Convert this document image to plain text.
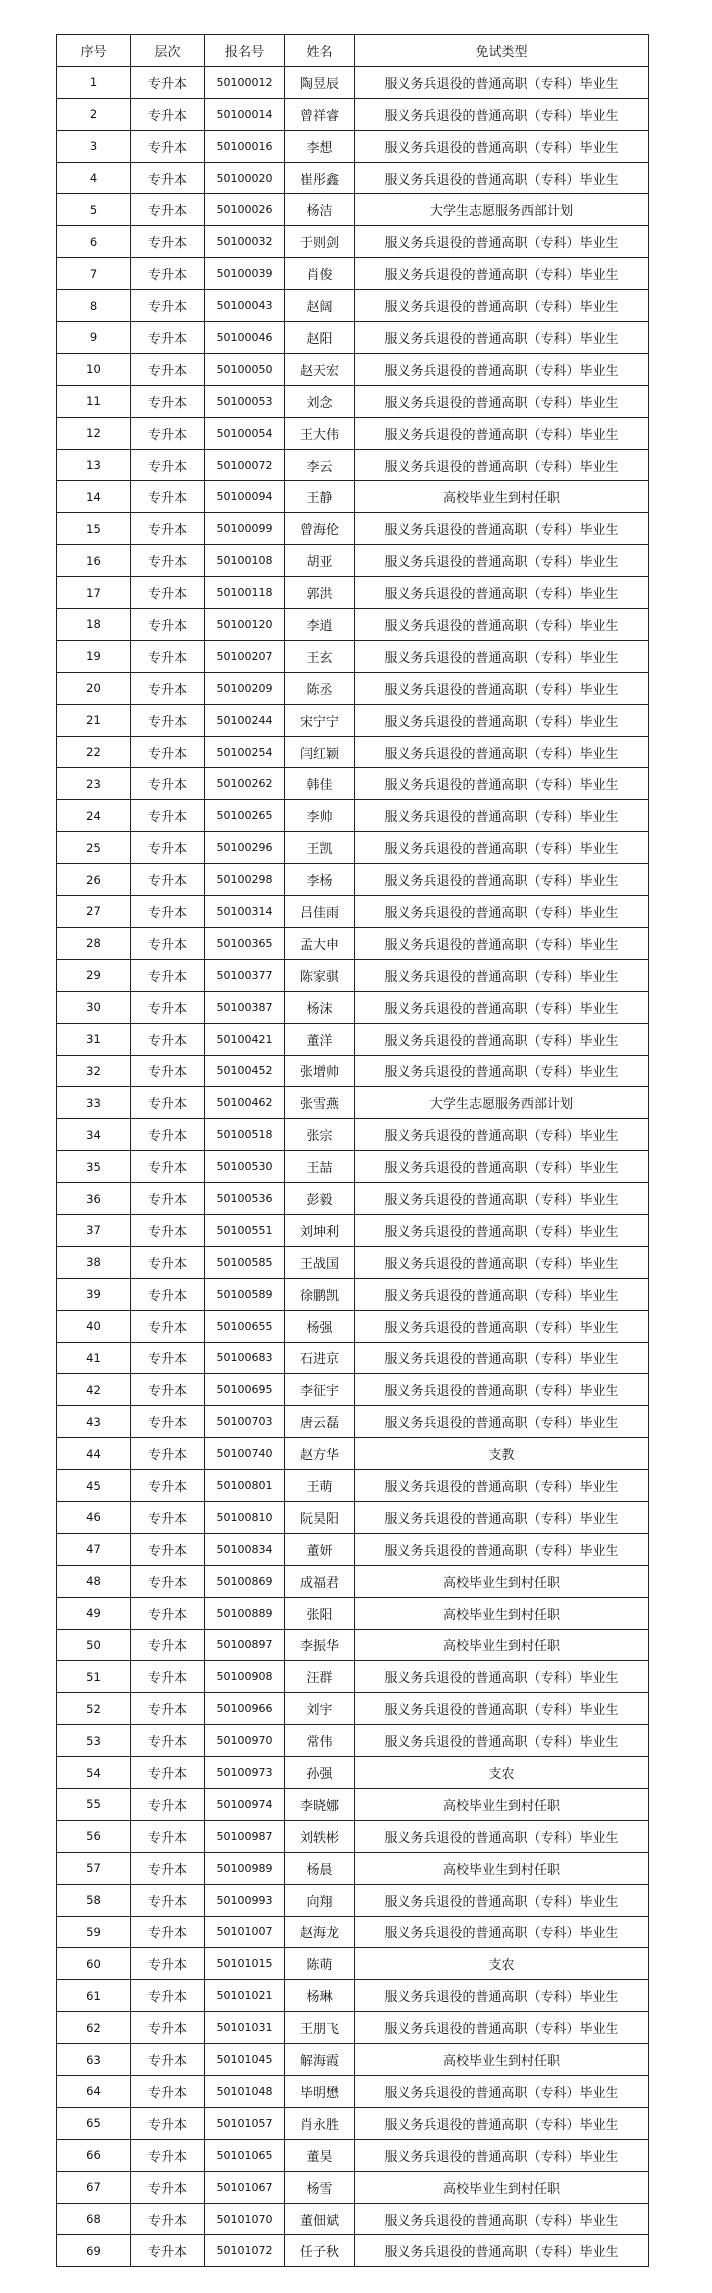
序号	层次	报名号	姓名	免试类型
1	专升本	50100012	陶昱辰	服义务兵退役的普通高职（专科）毕业生
2	专升本	50100014	曾祥睿	服义务兵退役的普通高职（专科）毕业生
3	专升本	50100016	李想	服义务兵退役的普通高职（专科）毕业生
4	专升本	50100020	崔彤鑫	服义务兵退役的普通高职（专科）毕业生
5	专升本	50100026	杨洁	大学生志愿服务西部计划
6	专升本	50100032	于则剑	服义务兵退役的普通高职（专科）毕业生
7	专升本	50100039	肖俊	服义务兵退役的普通高职（专科）毕业生
8	专升本	50100043	赵阔	服义务兵退役的普通高职（专科）毕业生
9	专升本	50100046	赵阳	服义务兵退役的普通高职（专科）毕业生
10	专升本	50100050	赵天宏	服义务兵退役的普通高职（专科）毕业生
11	专升本	50100053	刘念	服义务兵退役的普通高职（专科）毕业生
12	专升本	50100054	王大伟	服义务兵退役的普通高职（专科）毕业生
13	专升本	50100072	李云	服义务兵退役的普通高职（专科）毕业生
14	专升本	50100094	王静	高校毕业生到村任职
15	专升本	50100099	曾海伦	服义务兵退役的普通高职（专科）毕业生
16	专升本	50100108	胡亚	服义务兵退役的普通高职（专科）毕业生
17	专升本	50100118	郭洪	服义务兵退役的普通高职（专科）毕业生
18	专升本	50100120	李逍	服义务兵退役的普通高职（专科）毕业生
19	专升本	50100207	王玄	服义务兵退役的普通高职（专科）毕业生
20	专升本	50100209	陈丞	服义务兵退役的普通高职（专科）毕业生
21	专升本	50100244	宋宁宁	服义务兵退役的普通高职（专科）毕业生
22	专升本	50100254	闫红颖	服义务兵退役的普通高职（专科）毕业生
23	专升本	50100262	韩佳	服义务兵退役的普通高职（专科）毕业生
24	专升本	50100265	李帅	服义务兵退役的普通高职（专科）毕业生
25	专升本	50100296	王凯	服义务兵退役的普通高职（专科）毕业生
26	专升本	50100298	李杨	服义务兵退役的普通高职（专科）毕业生
27	专升本	50100314	吕佳雨	服义务兵退役的普通高职（专科）毕业生
28	专升本	50100365	孟大申	服义务兵退役的普通高职（专科）毕业生
29	专升本	50100377	陈家骐	服义务兵退役的普通高职（专科）毕业生
30	专升本	50100387	杨沫	服义务兵退役的普通高职（专科）毕业生
31	专升本	50100421	董洋	服义务兵退役的普通高职（专科）毕业生
32	专升本	50100452	张增帅	服义务兵退役的普通高职（专科）毕业生
33	专升本	50100462	张雪燕	大学生志愿服务西部计划
34	专升本	50100518	张宗	服义务兵退役的普通高职（专科）毕业生
35	专升本	50100530	王喆	服义务兵退役的普通高职（专科）毕业生
36	专升本	50100536	彭毅	服义务兵退役的普通高职（专科）毕业生
37	专升本	50100551	刘坤利	服义务兵退役的普通高职（专科）毕业生
38	专升本	50100585	王战国	服义务兵退役的普通高职（专科）毕业生
39	专升本	50100589	徐鹏凯	服义务兵退役的普通高职（专科）毕业生
40	专升本	50100655	杨强	服义务兵退役的普通高职（专科）毕业生
41	专升本	50100683	石进京	服义务兵退役的普通高职（专科）毕业生
42	专升本	50100695	李征宇	服义务兵退役的普通高职（专科）毕业生
43	专升本	50100703	唐云磊	服义务兵退役的普通高职（专科）毕业生
44	专升本	50100740	赵方华	支教
45	专升本	50100801	王萌	服义务兵退役的普通高职（专科）毕业生
46	专升本	50100810	阮昊阳	服义务兵退役的普通高职（专科）毕业生
47	专升本	50100834	董妍	服义务兵退役的普通高职（专科）毕业生
48	专升本	50100869	成福君	高校毕业生到村任职
49	专升本	50100889	张阳	高校毕业生到村任职
50	专升本	50100897	李振华	高校毕业生到村任职
51	专升本	50100908	汪群	服义务兵退役的普通高职（专科）毕业生
52	专升本	50100966	刘宇	服义务兵退役的普通高职（专科）毕业生
53	专升本	50100970	常伟	服义务兵退役的普通高职（专科）毕业生
54	专升本	50100973	孙强	支农
55	专升本	50100974	李晓娜	高校毕业生到村任职
56	专升本	50100987	刘轶彬	服义务兵退役的普通高职（专科）毕业生
57	专升本	50100989	杨晨	高校毕业生到村任职
58	专升本	50100993	向翔	服义务兵退役的普通高职（专科）毕业生
59	专升本	50101007	赵海龙	服义务兵退役的普通高职（专科）毕业生
60	专升本	50101015	陈萌	支农
61	专升本	50101021	杨琳	服义务兵退役的普通高职（专科）毕业生
62	专升本	50101031	王朋飞	服义务兵退役的普通高职（专科）毕业生
63	专升本	50101045	解海霞	高校毕业生到村任职
64	专升本	50101048	毕明懋	服义务兵退役的普通高职（专科）毕业生
65	专升本	50101057	肖永胜	服义务兵退役的普通高职（专科）毕业生
66	专升本	50101065	董昊	服义务兵退役的普通高职（专科）毕业生
67	专升本	50101067	杨雪	高校毕业生到村任职
68	专升本	50101070	董佃斌	服义务兵退役的普通高职（专科）毕业生
69	专升本	50101072	任子秋	服义务兵退役的普通高职（专科）毕业生
